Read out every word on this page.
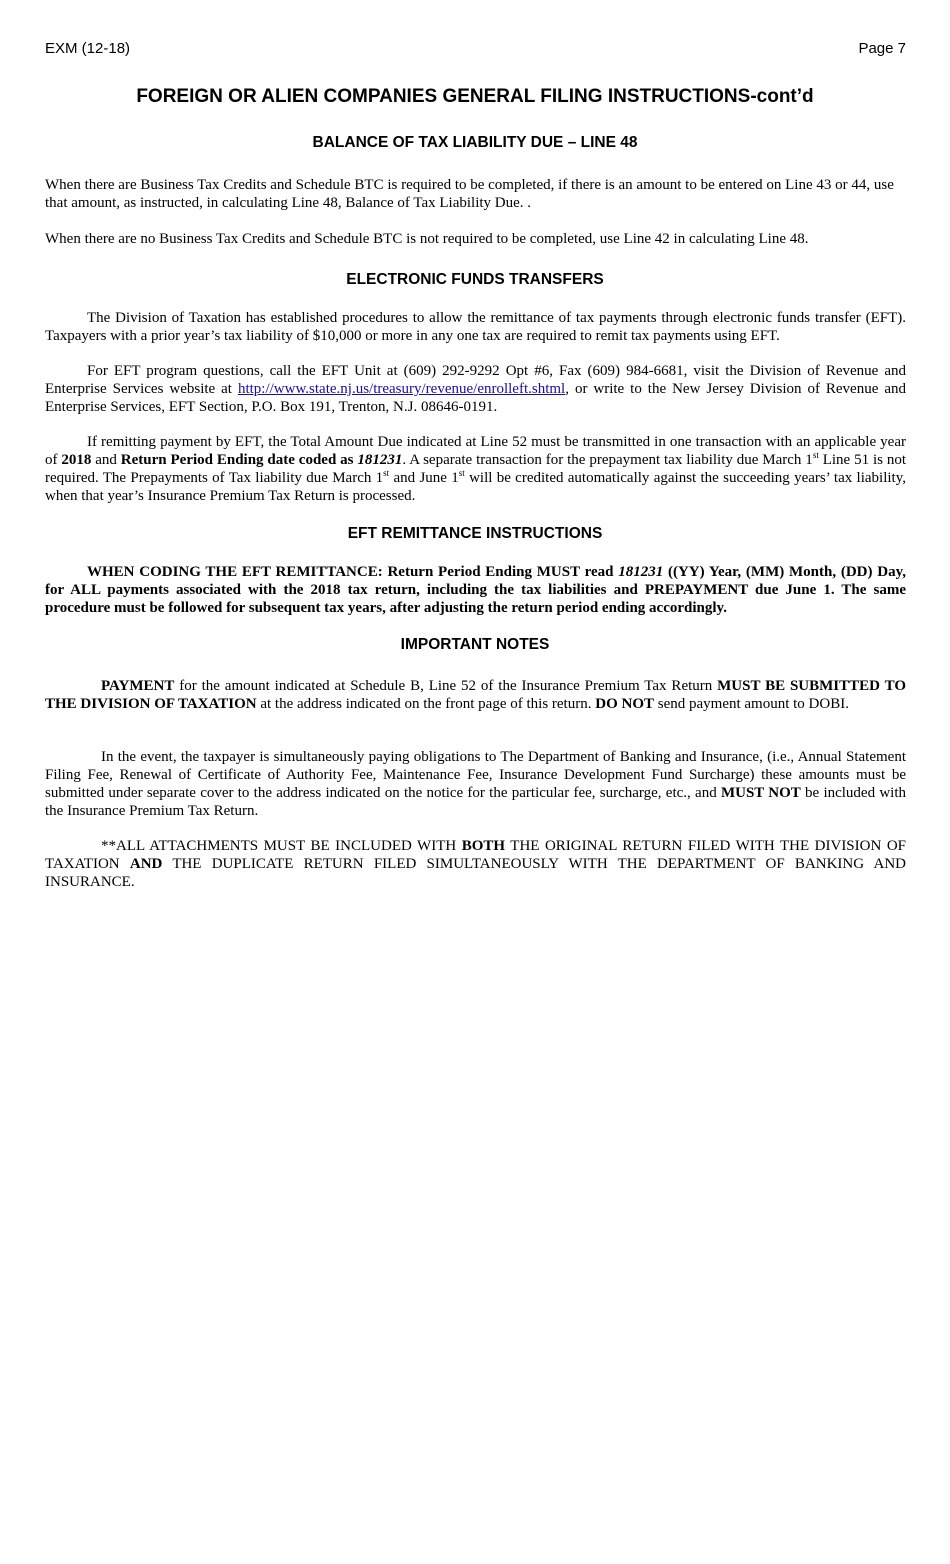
EXM (12-18)	Page 7
FOREIGN OR ALIEN COMPANIES GENERAL FILING INSTRUCTIONS-cont’d
BALANCE OF TAX LIABILITY DUE – LINE 48

When there are Business Tax Credits and Schedule BTC is required to be completed, if there is an amount to be entered on Line 43 or 44, use that amount, as instructed, in calculating Line 48, Balance of Tax Liability Due. .

When there are no Business Tax Credits and Schedule BTC is not required to be completed, use Line 42 in calculating Line 48.

ELECTRONIC FUNDS TRANSFERS

The Division of Taxation has established procedures to allow the remittance of tax payments through electronic funds transfer (EFT). Taxpayers with a prior year’s tax liability of $10,000 or more in any one tax are required to remit tax payments using EFT.

For EFT program questions, call the EFT Unit at (609) 292-9292 Opt #6, Fax (609) 984-6681, visit the Division of Revenue and Enterprise Services website at http://www.state.nj.us/treasury/revenue/enrolleft.shtml, or write to the New Jersey Division of Revenue and Enterprise Services, EFT Section, P.O. Box 191, Trenton, N.J. 08646-0191.

If remitting payment by EFT, the Total Amount Due indicated at Line 52 must be transmitted in one transaction with an applicable year of 2018 and Return Period Ending date coded as 181231. A separate transaction for the prepayment tax liability due March 1st Line 51 is not required. The Prepayments of Tax liability due March 1st and June 1st will be credited automatically against the succeeding years’ tax liability, when that year’s Insurance Premium Tax Return is processed.

EFT REMITTANCE INSTRUCTIONS

WHEN CODING THE EFT REMITTANCE: Return Period Ending MUST read 181231 ((YY) Year, (MM) Month, (DD) Day, for ALL payments associated with the 2018 tax return, including the tax liabilities and PREPAYMENT due June 1. The same procedure must be followed for subsequent tax years, after adjusting the return period ending accordingly.

IMPORTANT NOTES

PAYMENT for the amount indicated at Schedule B, Line 52 of the Insurance Premium Tax Return MUST BE SUBMITTED TO THE DIVISION OF TAXATION at the address indicated on the front page of this return. DO NOT send payment amount to DOBI.

In the event, the taxpayer is simultaneously paying obligations to The Department of Banking and Insurance, (i.e., Annual Statement Filing Fee, Renewal of Certificate of Authority Fee, Maintenance Fee, Insurance Development Fund Surcharge) these amounts must be submitted under separate cover to the address indicated on the notice for the particular fee, surcharge, etc., and MUST NOT be included with the Insurance Premium Tax Return.

**ALL ATTACHMENTS MUST BE INCLUDED WITH BOTH THE ORIGINAL RETURN FILED WITH THE DIVISION OF TAXATION AND THE DUPLICATE RETURN FILED SIMULTANEOUSLY WITH THE DEPARTMENT OF BANKING AND INSURANCE.
